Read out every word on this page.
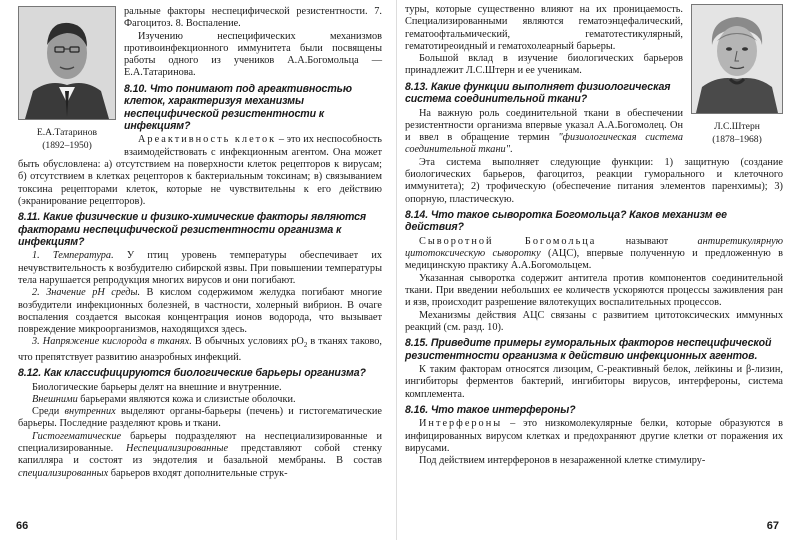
Е.А.Татаринов
(1892–1950)

ральные факторы неспецифической резистентности. 7. Фагоцитоз. 8. Воспаление.

Изучению неспецифических механизмов противоинфекционного иммунитета были посвящены работы одного из учеников А.А.Богомольца — Е.А.Татаринова.

8.10. Что понимают под ареактивностью клеток, характеризуя механизмы неспецифической резистентности к инфекциям?

Ареактивность клеток – это их неспособность взаимодействовать с инфекционным агентом. Она может быть обусловлена: а) отсутствием на поверхности клеток рецепторов к вирусам; б) отсутствием в клетках рецепторов к бактериальным токсинам; в) связыванием токсина рецепторами клеток, которые не чувствительны к его действию (экранирование рецепторов).

8.11. Какие физические и физико-химические факторы являются факторами неспецифической резистентности организма к инфекциям?

1. Температура. У птиц уровень температуры обеспечивает их нечувствительность к возбудителю сибирской язвы. При повышении температуры тела нарушается репродукция многих вирусов и они погибают.

2. Значение pH среды. В кислом содержимом желудка погибают многие возбудители инфекционных болезней, в частности, холерный вибрион. В очаге воспаления создается высокая концентрация ионов водорода, что вызывает повреждение микроорганизмов, находящихся здесь.

3. Напряжение кислорода в тканях. В обычных условиях $pO_2$ в тканях таково, что препятствует развитию анаэробных инфекций.

8.12. Как классифицируются биологические барьеры организма?

Биологические барьеры делят на внешние и внутренние.

Внешними барьерами являются кожа и слизистые оболочки.

Среди внутренних выделяют органы-барьеры (печень) и гистогематические барьеры. Последние разделяют кровь и ткани.

Гистогематические барьеры подразделяют на неспециализированные и специализированные. Неспециализированные представляют собой стенку капилляра и состоят из эндотелия и базальной мембраны. В состав специализированных барьеров входят дополнительные струк-

66
Л.С.Штерн
(1878–1968)

туры, которые существенно влияют на их проницаемость. Специализированными являются гематоэнцефалический, гематоофтальмический, гематотестикулярный, гематотиреоидный и гематохолеарный барьеры.

Большой вклад в изучение биологических барьеров принадлежит Л.С.Штерн и ее ученикам.

8.13. Какие функции выполняет физиологическая система соединительной ткани?

На важную роль соединительной ткани в обеспечении резистентности организма впервые указал А.А.Богомолец. Он и ввел в обращение термин "физиологическая система соединительной ткани".

Эта система выполняет следующие функции: 1) защитную (создание биологических барьеров, фагоцитоз, реакции гуморального и клеточного иммунитета); 2) трофическую (обеспечение питания элементов паренхимы); 3) опорную, пластическую.

8.14. Что такое сыворотка Богомольца? Каков механизм ее действия?

Сыворотной Богомольца	называют	антиретикулярную цитотоксическую сыворотку (АЦС), впервые полученную и предложенную в медицинскую практику А.А.Богомольцем.

Указанная сыворотка содержит антитела против компонентов соединительной ткани. При введении небольших ее количеств ускоряются процессы заживления ран и язв, происходит разрешение вялотекущих воспалительных процессов.

Механизмы действия АЦС связаны с развитием цитотоксических иммунных реакций (см. разд. 10).

8.15. Приведите примеры гуморальных факторов неспецифической резистентности организма к действию инфекционных агентов.

К таким факторам относятся лизоцим, С-реактивный белок, лейкины и β-лизин, ингибиторы ферментов бактерий, ингибиторы вирусов, интерфероны, система комплемента.

8.16. Что такое интерфероны?

Интерфероны – это низкомолекулярные белки, которые образуются в инфицированных вирусом клетках и предохраняют другие клетки от поражения их вирусами.

Под действием интерферонов в незараженной клетке стимулиру-

67
